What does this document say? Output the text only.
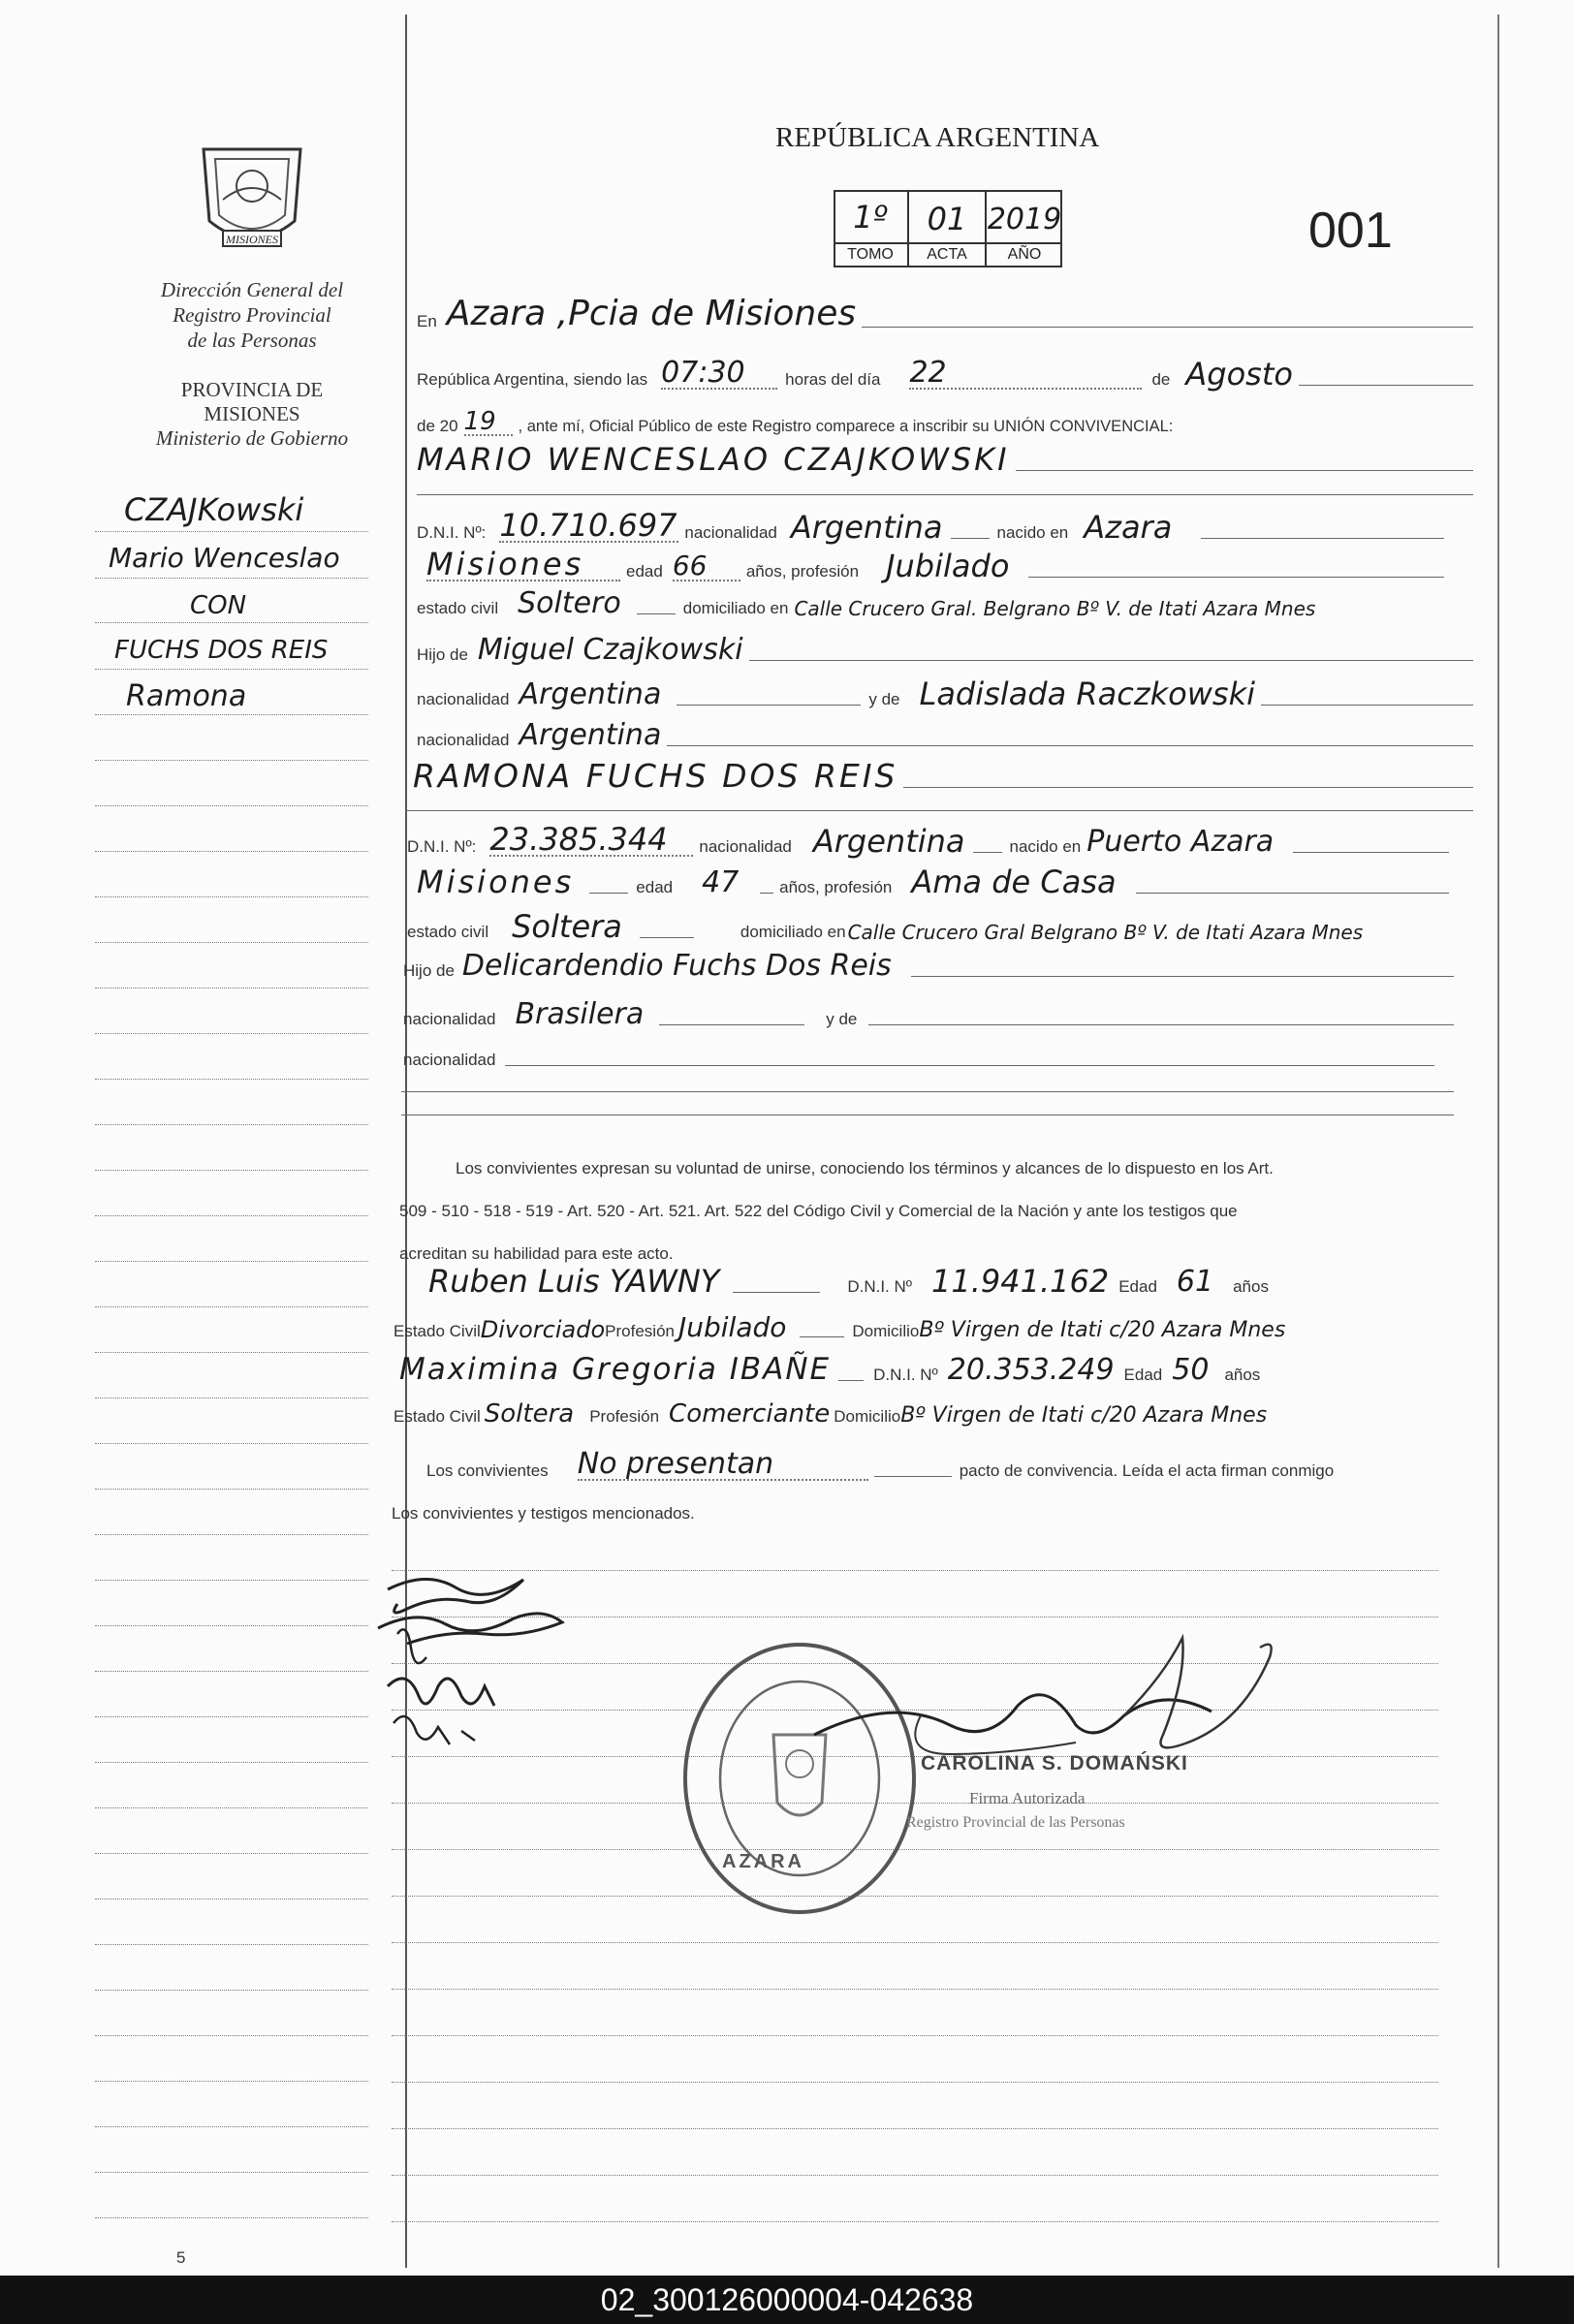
MISIONES
Dirección General del
Registro Provincial
de las Personas
PROVINCIA DE
MISIONES
Ministerio de Gobierno
CZAJKowski
Mario Wenceslao
CON
FUCHS DOS REIS
Ramona
REPÚBLICA ARGENTINA
1º	01 2019
TOMO	ACTA	AÑO	001
En Azara ,Pcia de Misiones
República Argentina, siendo las 07:30	horas del día 22	de Agosto
de 20 19	, ante mí, Oficial Público de este Registro comparece a inscribir su UNIÓN CONVIVENCIAL:
MARIO WENCESLAO CZAJKOWSKI
D.N.I. Nº: 10.710.697 nacionalidad Argentina	nacido en Azara
Misiones	edad 66	años, profesión Jubilado
estado civil Soltero	domiciliado en Calle Crucero Gral. Belgrano Bº V. de Itati Azara Mnes
Hijo de Miguel Czajkowski
nacionalidad Argentina	y de Ladislada Raczkowski
nacionalidad Argentina
RAMONA FUCHS DOS REIS
D.N.I. Nº: 23.385.344	nacionalidad Argentina	nacido en Puerto Azara
Misiones	edad 47	años, profesión Ama de Casa
estado civil Soltera	domiciliado en Calle Crucero Gral Belgrano Bº V. de Itati Azara Mnes
Hijo de Delicardendio Fuchs Dos Reis
nacionalidad Brasilera	y de
nacionalidad
Los convivientes expresan su voluntad de unirse, conociendo los términos y alcances de lo dispuesto en los Art.
509 - 510 - 518 - 519 - Art. 520 - Art. 521. Art. 522 del Código Civil y Comercial de la Nación y ante los testigos que
acreditan su habilidad para este acto.
Ruben Luis YAWNY	D.N.I. Nº 11.941.162 Edad 61 años
Estado Civil Divorciado Profesión Jubilado	Domicilio Bº Virgen de Itati c/20 Azara Mnes
Maximina Gregoria IBAÑE	D.N.I. Nº 20.353.249 Edad 50 años
Estado Civil Soltera Profesión Comerciante Domicilio Bº Virgen de Itati c/20 Azara Mnes
Los convivientes No presentan	pacto de convivencia. Leída el acta firman conmigo
Los convivientes y testigos mencionados.
AZARA
CAROLINA S. DOMAŃSKI
Firma Autorizada
Registro Provincial de las Personas
5
02_300126000004-042638
